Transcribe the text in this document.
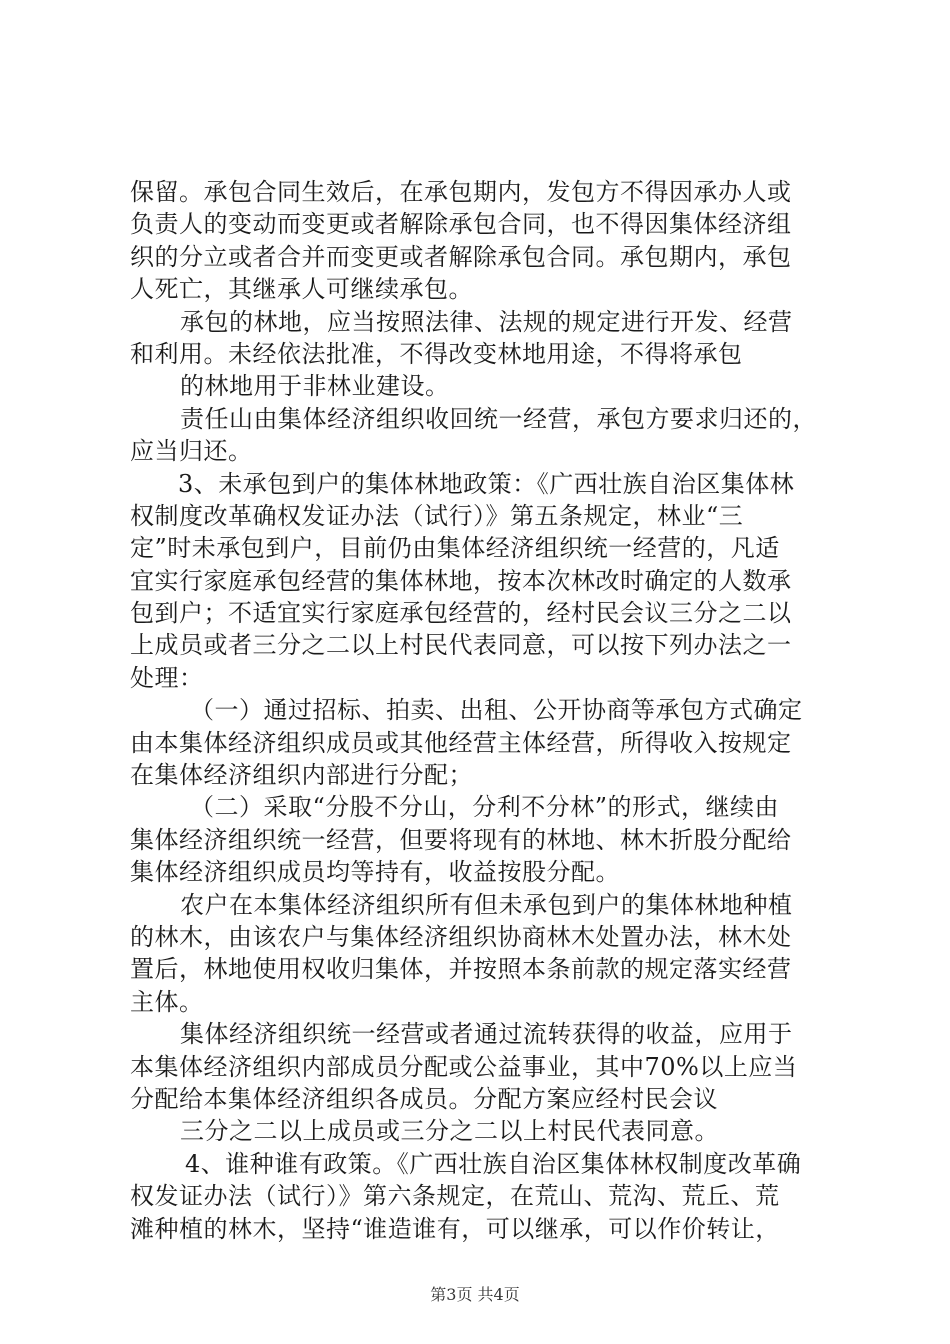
保留。承包合同生效后，在承包期内，发包方不得因承办人或
负责人的变动而变更或者解除承包合同，也不得因集体经济组
织的分立或者合并而变更或者解除承包合同。承包期内，承包
人死亡，其继承人可继续承包。
承包的林地，应当按照法律、法规的规定进行开发、经营
和利用。未经依法批准，不得改变林地用途，不得将承包
的林地用于非林业建设。
责任山由集体经济组织收回统一经营，承包方要求归还的，
应当归还。
3、未承包到户的集体林地政策：《广西壮族自治区集体林
权制度改革确权发证办法（试行）》第五条规定，林业“三
定”时未承包到户，目前仍由集体经济组织统一经营的，凡适
宜实行家庭承包经营的集体林地，按本次林改时确定的人数承
包到户；不适宜实行家庭承包经营的，经村民会议三分之二以
上成员或者三分之二以上村民代表同意，可以按下列办法之一
处理：
（一）通过招标、拍卖、出租、公开协商等承包方式确定
由本集体经济组织成员或其他经营主体经营，所得收入按规定
在集体经济组织内部进行分配；
（二）采取“分股不分山，分利不分林”的形式，继续由
集体经济组织统一经营，但要将现有的林地、林木折股分配给
集体经济组织成员均等持有，收益按股分配。
农户在本集体经济组织所有但未承包到户的集体林地种植
的林木，由该农户与集体经济组织协商林木处置办法，林木处
置后，林地使用权收归集体，并按照本条前款的规定落实经营
主体。
集体经济组织统一经营或者通过流转获得的收益，应用于
本集体经济组织内部成员分配或公益事业，其中70%以上应当
分配给本集体经济组织各成员。分配方案应经村民会议
三分之二以上成员或三分之二以上村民代表同意。
4、谁种谁有政策。《广西壮族自治区集体林权制度改革确
权发证办法（试行）》第六条规定，在荒山、荒沟、荒丘、荒
滩种植的林木，坚持“谁造谁有，可以继承，可以作价转让，
第3页 共4页
